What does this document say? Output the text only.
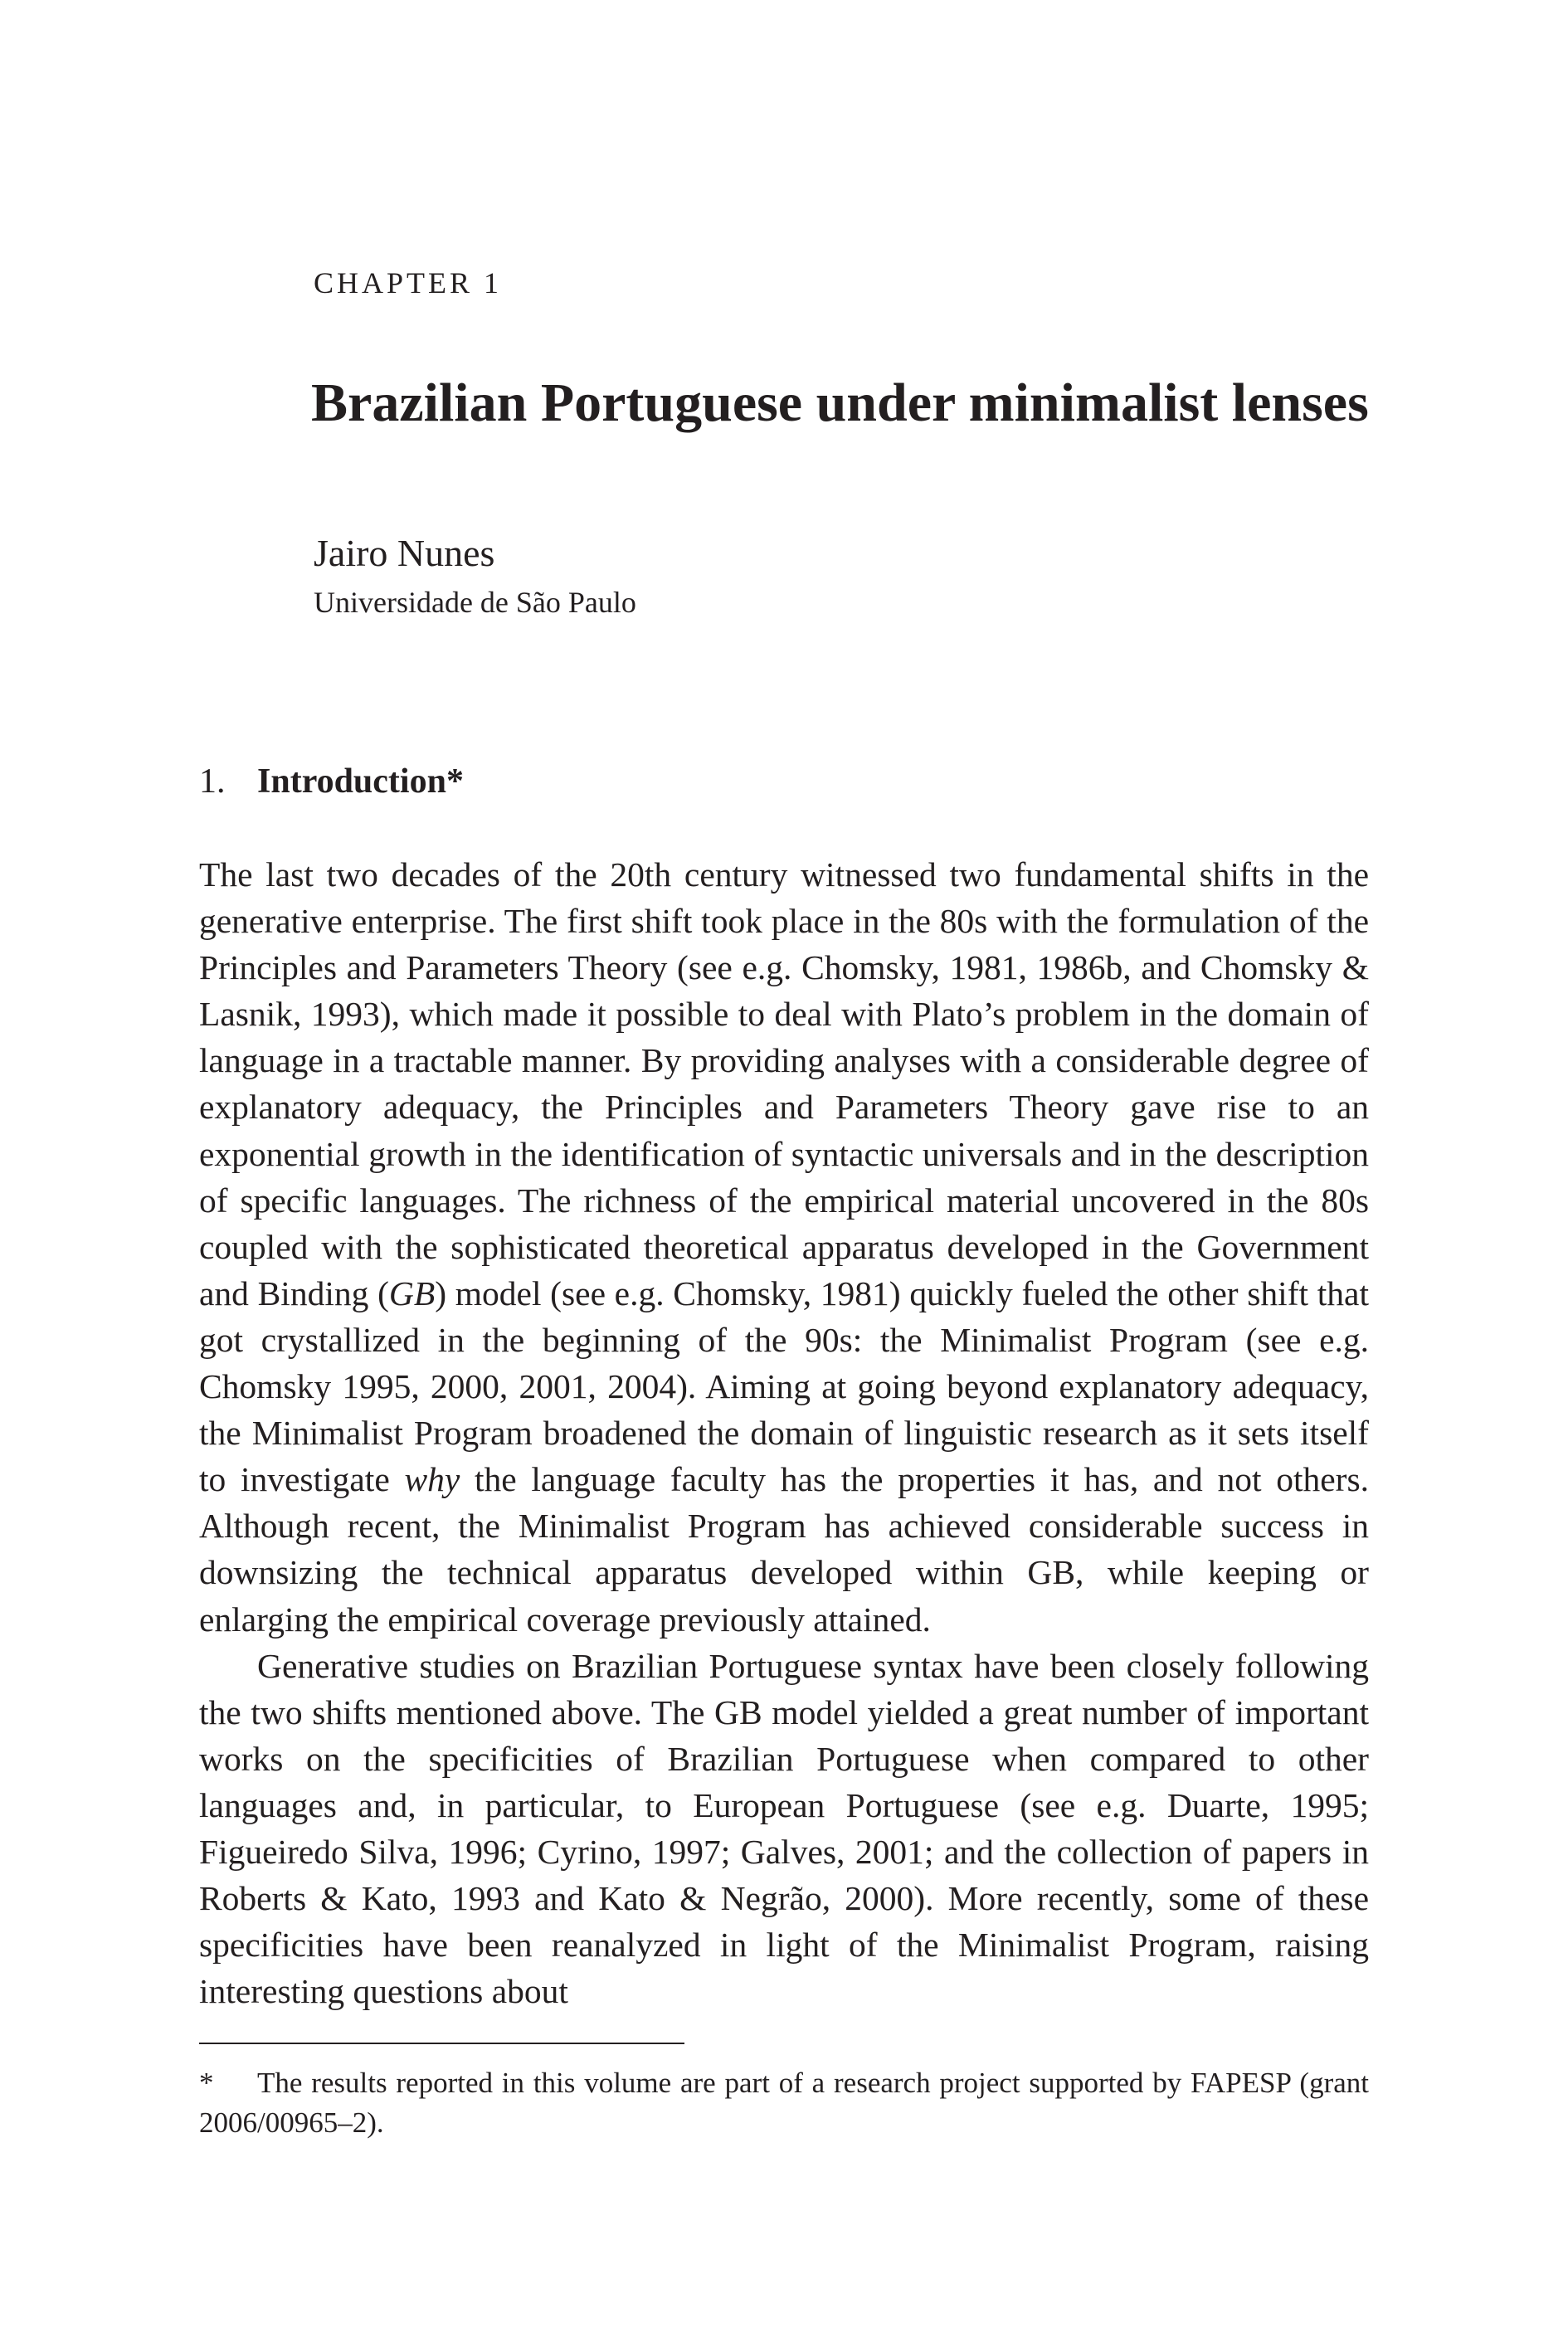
CHAPTER 1
Brazilian Portuguese under minimalist lenses
Jairo Nunes
Universidade de São Paulo
1. Introduction*

The last two decades of the 20th century witnessed two fundamental shifts in the generative enterprise. The first shift took place in the 80s with the formulation of the Principles and Parameters Theory (see e.g. Chomsky, 1981, 1986b, and Chomsky & Lasnik, 1993), which made it possible to deal with Plato’s problem in the domain of language in a tractable manner. By providing analyses with a considerable degree of explanatory adequacy, the Principles and Parameters Theory gave rise to an exponential growth in the identification of syntactic universals and in the description of specific languages. The richness of the empirical material uncovered in the 80s coupled with the sophisticated theoretical apparatus developed in the Government and Binding (GB) model (see e.g. Chomsky, 1981) quickly fueled the other shift that got crystallized in the beginning of the 90s: the Minimalist Program (see e.g. Chomsky 1995, 2000, 2001, 2004). Aiming at going beyond explanatory adequacy, the Minimalist Program broadened the domain of linguistic research as it sets itself to investigate why the language faculty has the properties it has, and not others. Although recent, the Minimalist Program has achieved considerable success in downsizing the technical apparatus developed within GB, while keeping or enlarging the empirical coverage previously attained.

Generative studies on Brazilian Portuguese syntax have been closely following the two shifts mentioned above. The GB model yielded a great number of important works on the specificities of Brazilian Portuguese when compared to other languages and, in particular, to European Portuguese (see e.g. Duarte, 1995; Figueiredo Silva, 1996; Cyrino, 1997; Galves, 2001; and the collection of papers in Roberts & Kato, 1993 and Kato & Negrão, 2000). More recently, some of these specificities have been reanalyzed in light of the Minimalist Program, raising interesting questions about

* The results reported in this volume are part of a research project supported by FAPESP (grant 2006/00965–2).
